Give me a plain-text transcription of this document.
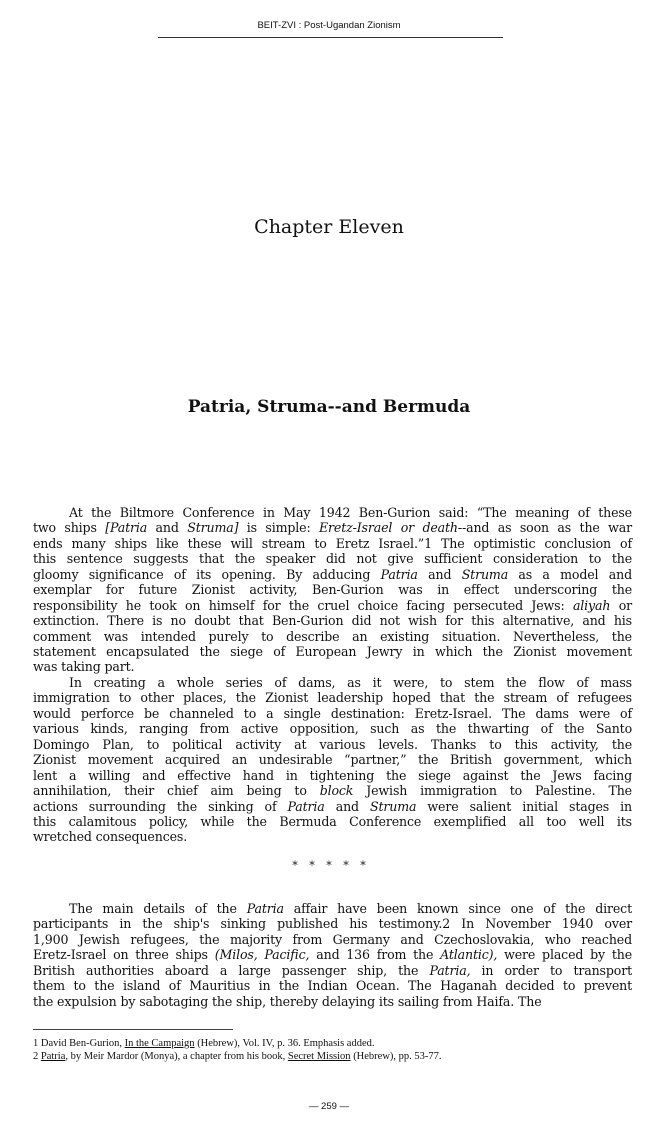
BEIT-ZVI : Post-Ugandan Zionism
Chapter Eleven
Patria, Struma--and Bermuda
At the Biltmore Conference in May 1942 Ben-Gurion said: “The meaning of these
two ships [Patria and Struma] is simple: Eretz-Israel or death--and as soon as the war
ends many ships like these will stream to Eretz Israel.”1 The optimistic conclusion of
this sentence suggests that the speaker did not give sufficient consideration to the
gloomy significance of its opening. By adducing Patria and Struma as a model and
exemplar for future Zionist activity, Ben-Gurion was in effect underscoring the
responsibility he took on himself for the cruel choice facing persecuted Jews: aliyah or
extinction. There is no doubt that Ben-Gurion did not wish for this alternative, and his
comment was intended purely to describe an existing situation. Nevertheless, the
statement encapsulated the siege of European Jewry in which the Zionist movement
was taking part.
In creating a whole series of dams, as it were, to stem the flow of mass
immigration to other places, the Zionist leadership hoped that the stream of refugees
would perforce be channeled to a single destination: Eretz-Israel. The dams were of
various kinds, ranging from active opposition, such as the thwarting of the Santo
Domingo Plan, to political activity at various levels. Thanks to this activity, the
Zionist movement acquired an undesirable “partner,” the British government, which
lent a willing and effective hand in tightening the siege against the Jews facing
annihilation, their chief aim being to block Jewish immigration to Palestine. The
actions surrounding the sinking of Patria and Struma were salient initial stages in
this calamitous policy, while the Bermuda Conference exemplified all too well its
wretched consequences.
* * * * *
The main details of the Patria affair have been known since one of the direct
participants in the ship's sinking published his testimony.2 In November 1940 over
1,900 Jewish refugees, the majority from Germany and Czechoslovakia, who reached
Eretz-Israel on three ships (Milos, Pacific, and 136 from the Atlantic), were placed by the
British authorities aboard a large passenger ship, the Patria, in order to transport
them to the island of Mauritius in the Indian Ocean. The Haganah decided to prevent
the expulsion by sabotaging the ship, thereby delaying its sailing from Haifa. The
1 David Ben-Gurion, In the Campaign (Hebrew), Vol. IV, p. 36. Emphasis added.
2 Patria, by Meir Mardor (Monya), a chapter from his book, Secret Mission (Hebrew), pp. 53-77.
— 259 —
